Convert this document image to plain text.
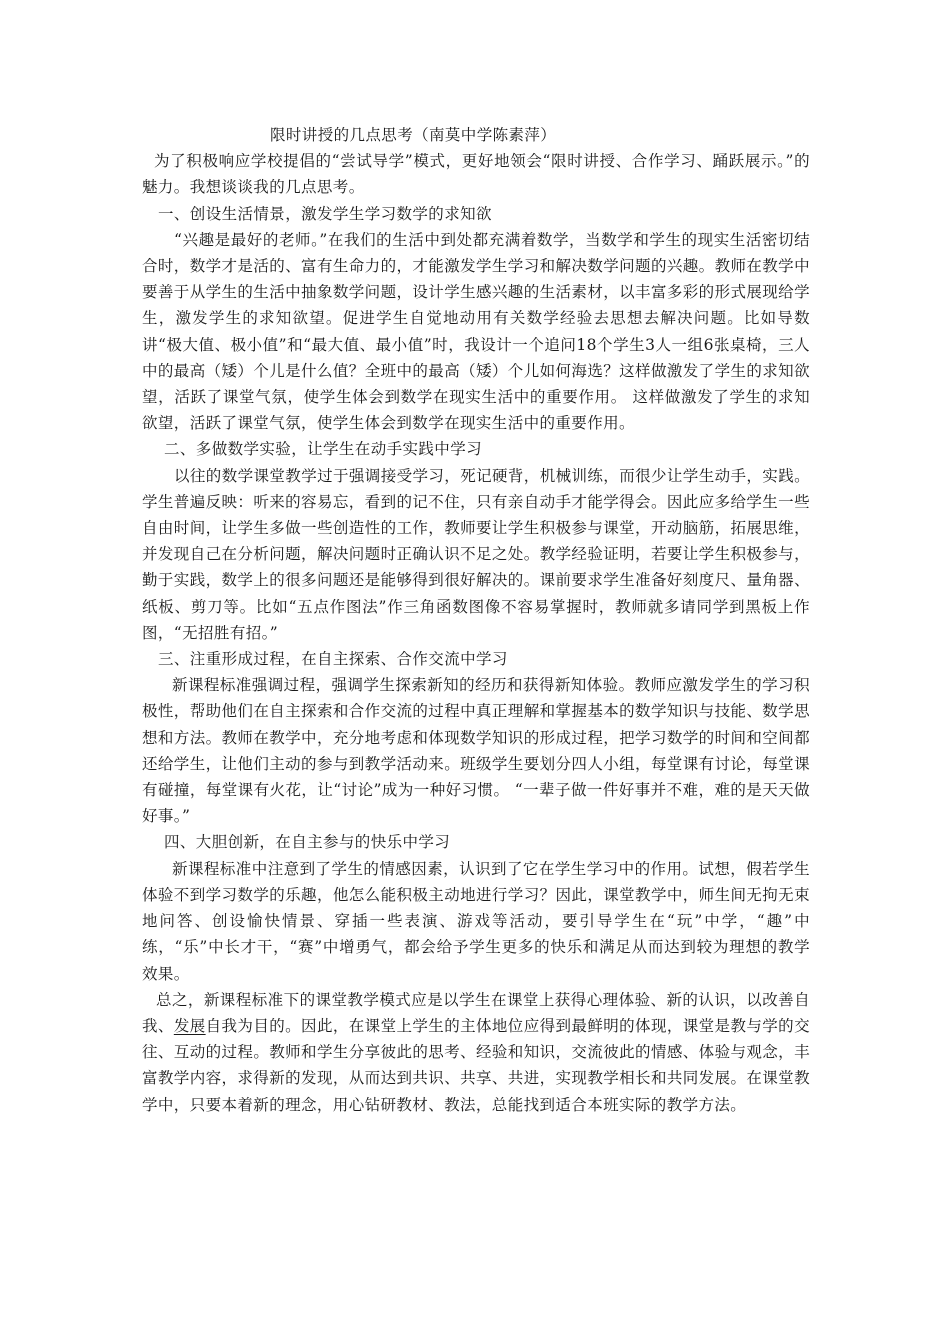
限时讲授的几点思考（南莫中学陈素萍）

为了积极响应学校提倡的“尝试导学”模式，更好地领会“限时讲授、合作学习、踊跃展示。”的魅力。我想谈谈我的几点思考。

一、创设生活情景，激发学生学习数学的求知欲

“兴趣是最好的老师。”在我们的生活中到处都充满着数学，当数学和学生的现实生活密切结合时，数学才是活的、富有生命力的，才能激发学生学习和解决数学问题的兴趣。教师在教学中要善于从学生的生活中抽象数学问题，设计学生感兴趣的生活素材，以丰富多彩的形式展现给学生，激发学生的求知欲望。促进学生自觉地动用有关数学经验去思想去解决问题。比如导数讲“极大值、极小值”和“最大值、最小值”时，我设计一个追问18个学生3人一组6张桌椅，三人中的最高（矮）个儿是什么值？全班中的最高（矮）个儿如何海选？这样做激发了学生的求知欲望，活跃了课堂气氛，使学生体会到数学在现实生活中的重要作用。 这样做激发了学生的求知欲望，活跃了课堂气氛，使学生体会到数学在现实生活中的重要作用。

二、多做数学实验，让学生在动手实践中学习

以往的数学课堂教学过于强调接受学习，死记硬背，机械训练，而很少让学生动手，实践。学生普遍反映：听来的容易忘，看到的记不住，只有亲自动手才能学得会。因此应多给学生一些自由时间，让学生多做一些创造性的工作，教师要让学生积极参与课堂，开动脑筋，拓展思维，并发现自己在分析问题，解决问题时正确认识不足之处。教学经验证明，若要让学生积极参与，勤于实践，数学上的很多问题还是能够得到很好解决的。课前要求学生准备好刻度尺、量角器、纸板、剪刀等。比如“五点作图法”作三角函数图像不容易掌握时，教师就多请同学到黑板上作图，“无招胜有招。”

三、注重形成过程，在自主探索、合作交流中学习

新课程标准强调过程，强调学生探索新知的经历和获得新知体验。教师应激发学生的学习积极性，帮助他们在自主探索和合作交流的过程中真正理解和掌握基本的数学知识与技能、数学思想和方法。教师在教学中，充分地考虑和体现数学知识的形成过程，把学习数学的时间和空间都还给学生，让他们主动的参与到教学活动来。班级学生要划分四人小组，每堂课有讨论，每堂课有碰撞，每堂课有火花，让“讨论”成为一种好习惯。 “一辈子做一件好事并不难，难的是天天做好事。”

四、大胆创新，在自主参与的快乐中学习

新课程标准中注意到了学生的情感因素，认识到了它在学生学习中的作用。试想，假若学生体验不到学习数学的乐趣，他怎么能积极主动地进行学习？因此，课堂教学中，师生间无拘无束地问答、创设愉快情景、穿插一些表演、游戏等活动，要引导学生在“玩”中学，“趣”中练，“乐”中长才干，“赛”中增勇气，都会给予学生更多的快乐和满足从而达到较为理想的教学效果。

总之，新课程标准下的课堂教学模式应是以学生在课堂上获得心理体验、新的认识，以改善自我、发展自我为目的。因此，在课堂上学生的主体地位应得到最鲜明的体现，课堂是教与学的交往、互动的过程。教师和学生分享彼此的思考、经验和知识，交流彼此的情感、体验与观念，丰富教学内容，求得新的发现，从而达到共识、共享、共进，实现教学相长和共同发展。在课堂教学中，只要本着新的理念，用心钻研教材、教法，总能找到适合本班实际的教学方法。
